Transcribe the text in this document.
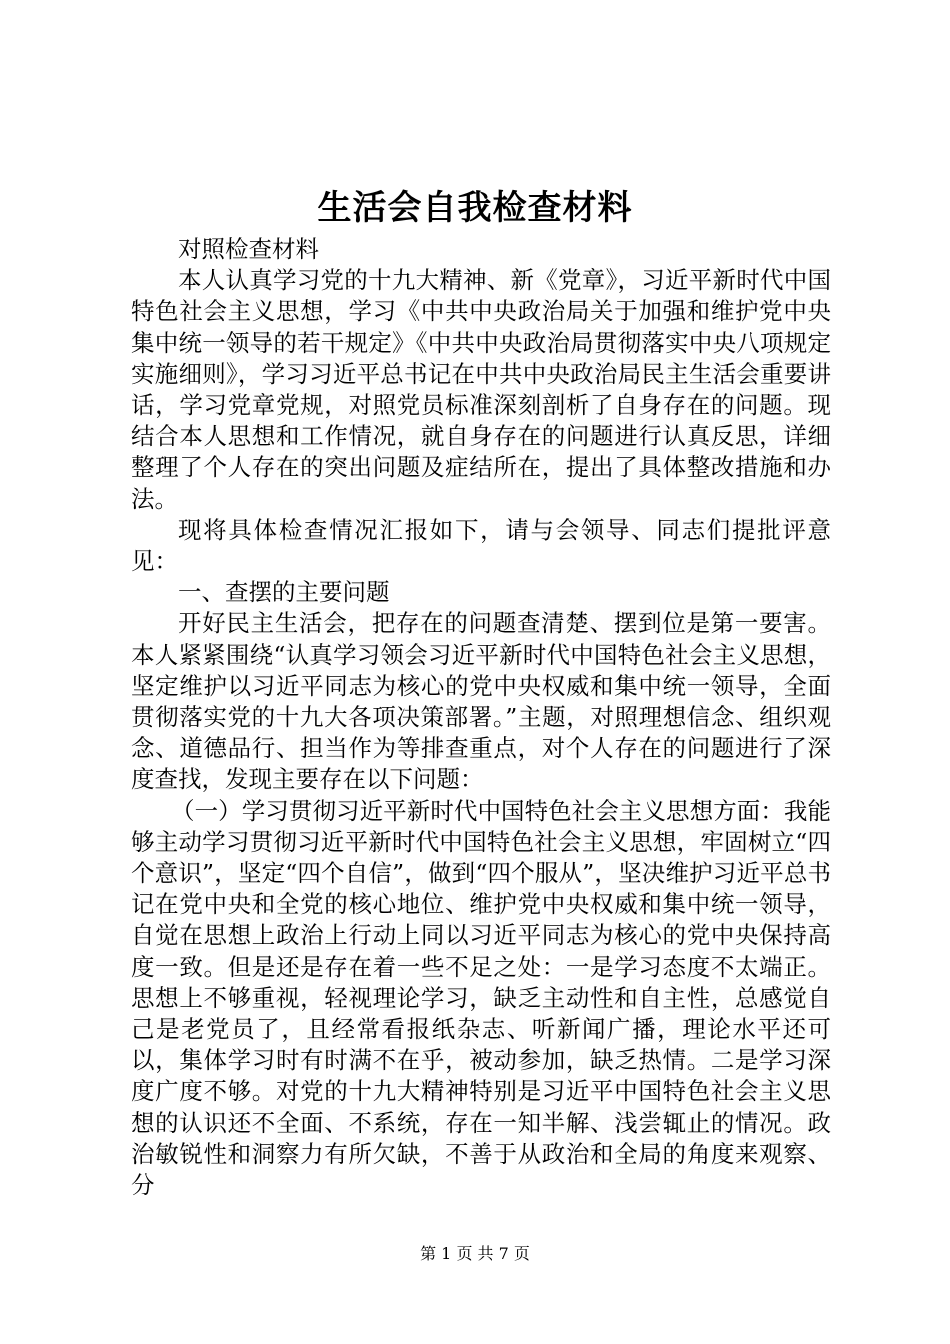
生活会自我检查材料

对照检查材料

本人认真学习党的十九大精神、新《党章》，习近平新时代中国特色社会主义思想，学习《中共中央政治局关于加强和维护党中央集中统一领导的若干规定》《中共中央政治局贯彻落实中央八项规定实施细则》，学习习近平总书记在中共中央政治局民主生活会重要讲话，学习党章党规，对照党员标准深刻剖析了自身存在的问题。现结合本人思想和工作情况，就自身存在的问题进行认真反思，详细整理了个人存在的突出问题及症结所在，提出了具体整改措施和办法。

现将具体检查情况汇报如下，请与会领导、同志们提批评意见：

一、查摆的主要问题

开好民主生活会，把存在的问题查清楚、摆到位是第一要害。本人紧紧围绕“认真学习领会习近平新时代中国特色社会主义思想，坚定维护以习近平同志为核心的党中央权威和集中统一领导，全面贯彻落实党的十九大各项决策部署。”主题，对照理想信念、组织观念、道德品行、担当作为等排查重点，对个人存在的问题进行了深度查找，发现主要存在以下问题：

（一）学习贯彻习近平新时代中国特色社会主义思想方面：我能够主动学习贯彻习近平新时代中国特色社会主义思想，牢固树立“四个意识”，坚定“四个自信”，做到“四个服从”，坚决维护习近平总书记在党中央和全党的核心地位、维护党中央权威和集中统一领导，自觉在思想上政治上行动上同以习近平同志为核心的党中央保持高度一致。但是还是存在着一些不足之处：一是学习态度不太端正。思想上不够重视，轻视理论学习，缺乏主动性和自主性，总感觉自己是老党员了，且经常看报纸杂志、听新闻广播，理论水平还可以，集体学习时有时满不在乎，被动参加，缺乏热情。二是学习深度广度不够。对党的十九大精神特别是习近平中国特色社会主义思想的认识还不全面、不系统，存在一知半解、浅尝辄止的情况。政治敏锐性和洞察力有所欠缺，不善于从政治和全局的角度来观察、分

第 1 页 共 7 页
